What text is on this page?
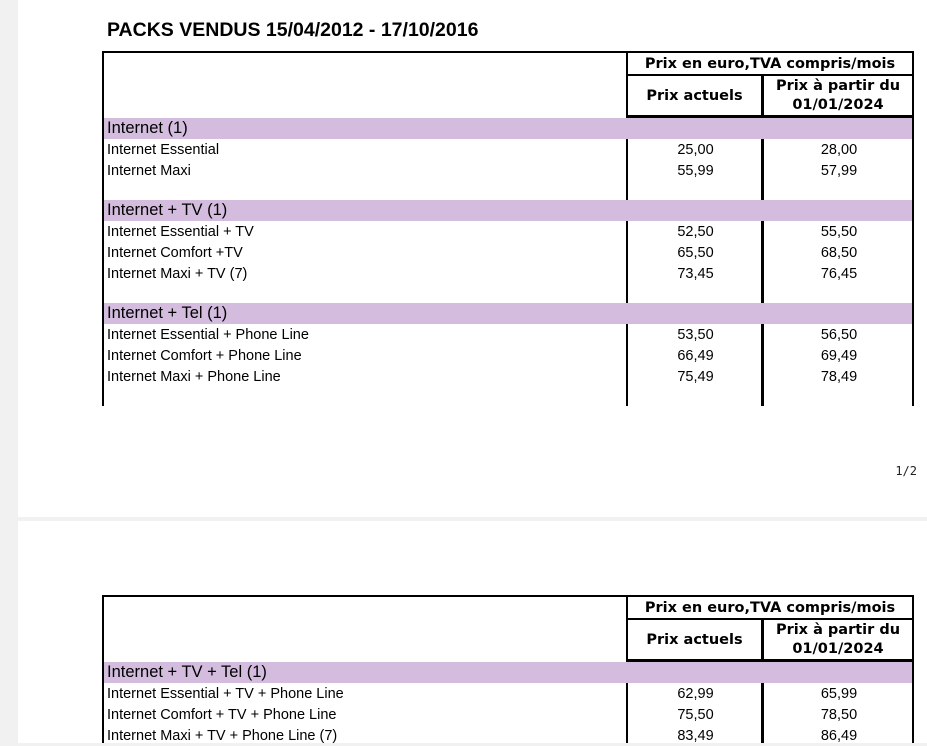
PACKS VENDUS 15/04/2012 - 17/10/2016
Prix en euro,TVA compris/mois
Prix actuels
Prix à partir du
01/01/2024
Internet (1)
Internet Essential	25,00	28,00
Internet Maxi	55,99	57,99
Internet + TV (1)
Internet Essential + TV	52,50	55,50
Internet Comfort +TV	65,50	68,50
Internet Maxi + TV (7)	73,45	76,45
Internet + Tel (1)
Internet Essential + Phone Line	53,50	56,50
Internet Comfort + Phone Line	66,49	69,49
Internet Maxi + Phone Line	75,49	78,49
1/2
Prix en euro,TVA compris/mois
Prix actuels
Prix à partir du
01/01/2024
Internet + TV + Tel (1)
Internet Essential + TV + Phone Line	62,99	65,99
Internet Comfort + TV + Phone Line	75,50	78,50
Internet Maxi + TV + Phone Line (7)	83,49	86,49
